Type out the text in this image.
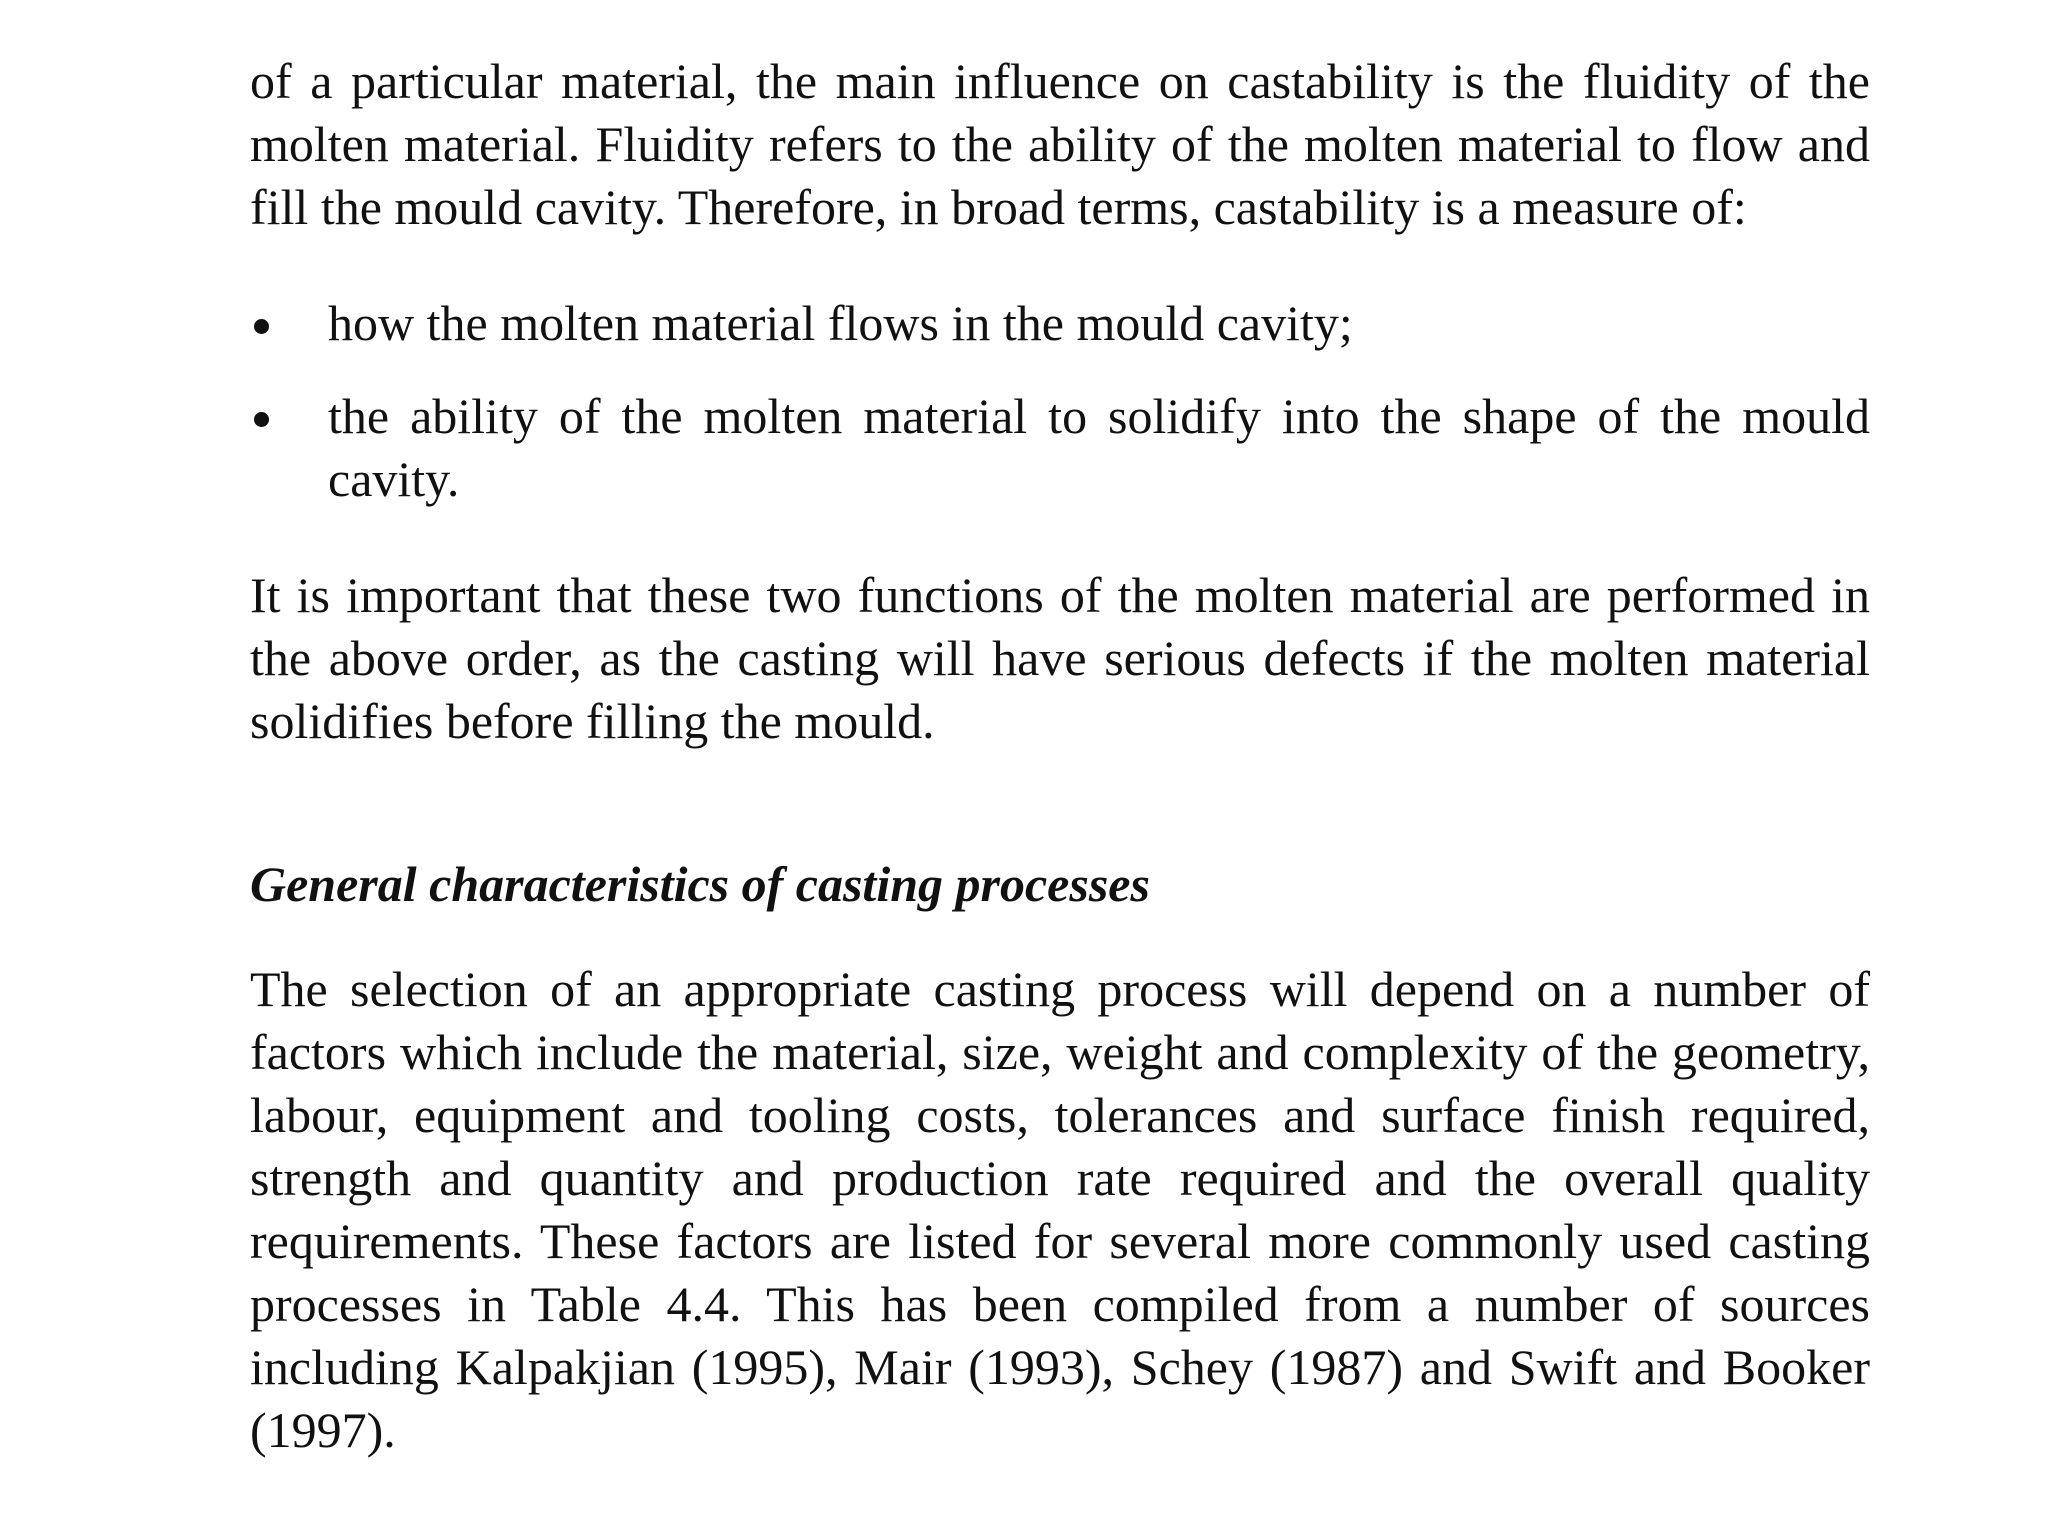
of a particular material, the main influence on castability is the fluidity of the molten material. Fluidity refers to the ability of the molten material to flow and fill the mould cavity. Therefore, in broad terms, castability is a measure of:

how the molten material flows in the mould cavity;
the ability of the molten material to solidify into the shape of the mould cavity.

It is important that these two functions of the molten material are performed in the above order, as the casting will have serious defects if the molten material solidifies before filling the mould.

General characteristics of casting processes

The selection of an appropriate casting process will depend on a number of factors which include the material, size, weight and complexity of the geometry, labour, equipment and tooling costs, tolerances and surface finish required, strength and quantity and production rate required and the overall quality requirements. These factors are listed for several more commonly used casting processes in Table 4.4. This has been compiled from a number of sources including Kalpakjian (1995), Mair (1993), Schey (1987) and Swift and Booker (1997).
